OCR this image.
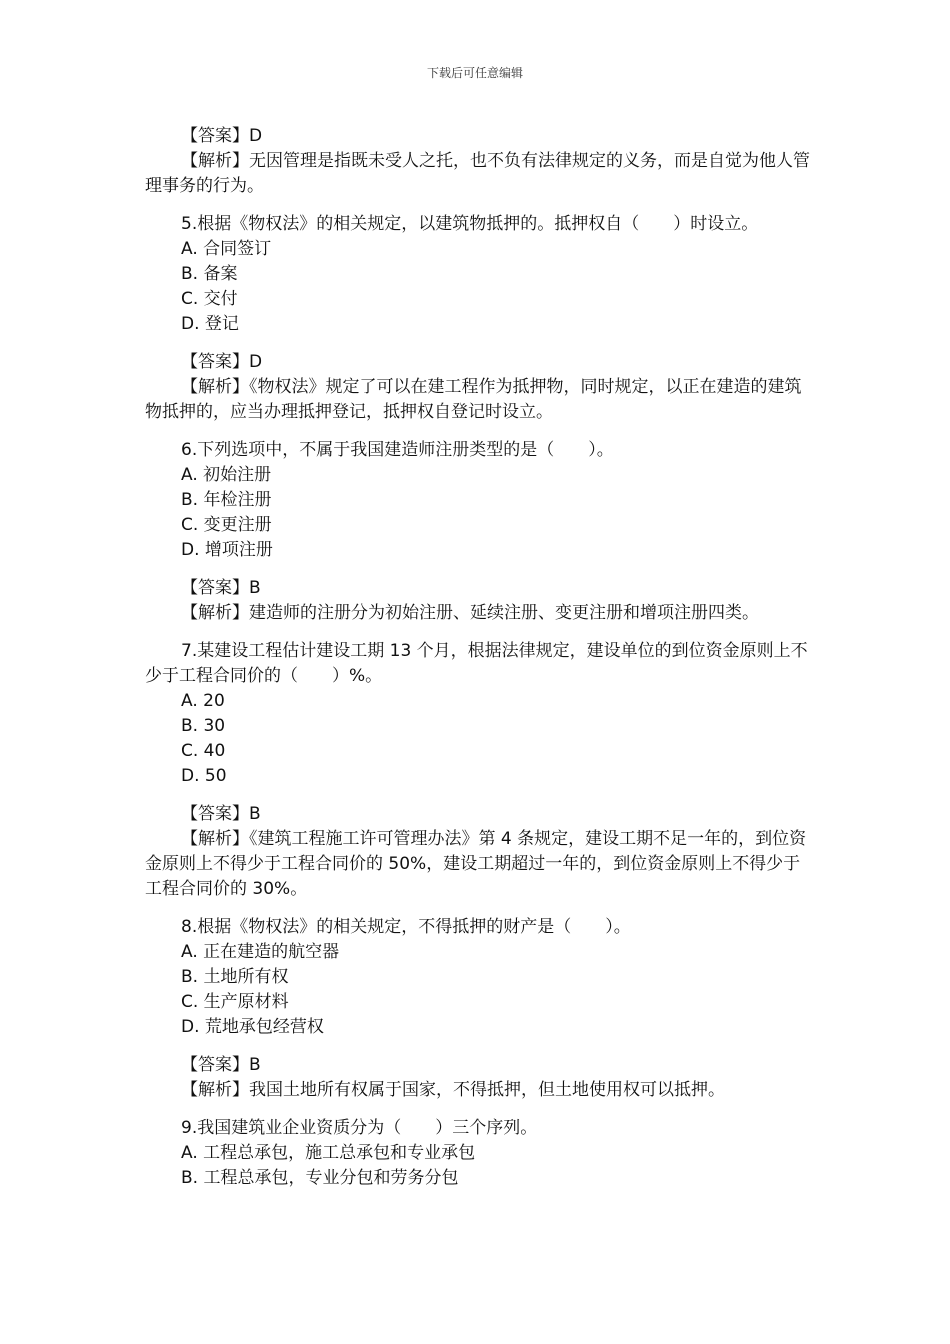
下载后可任意编辑
【答案】D
【解析】无因管理是指既未受人之托，也不负有法律规定的义务，而是自觉为他人管理事务的行为。
5.根据《物权法》的相关规定，以建筑物抵押的。抵押权自（　　）时设立。
A. 合同签订
B. 备案
C. 交付
D. 登记
【答案】D
【解析】《物权法》规定了可以在建工程作为抵押物，同时规定，以正在建造的建筑物抵押的，应当办理抵押登记，抵押权自登记时设立。
6.下列选项中，不属于我国建造师注册类型的是（　　）。
A. 初始注册
B. 年检注册
C. 变更注册
D. 增项注册
【答案】B
【解析】建造师的注册分为初始注册、延续注册、变更注册和增项注册四类。
7.某建设工程估计建设工期 13 个月，根据法律规定，建设单位的到位资金原则上不少于工程合同价的（　　）%。
A. 20
B. 30
C. 40
D. 50
【答案】B
【解析】《建筑工程施工许可管理办法》第 4 条规定，建设工期不足一年的，到位资金原则上不得少于工程合同价的 50%，建设工期超过一年的，到位资金原则上不得少于工程合同价的 30%。
8.根据《物权法》的相关规定，不得抵押的财产是（　　）。
A. 正在建造的航空器
B. 土地所有权
C. 生产原材料
D. 荒地承包经营权
【答案】B
【解析】我国土地所有权属于国家，不得抵押，但土地使用权可以抵押。
9.我国建筑业企业资质分为（　　）三个序列。
A. 工程总承包，施工总承包和专业承包
B. 工程总承包，专业分包和劳务分包
